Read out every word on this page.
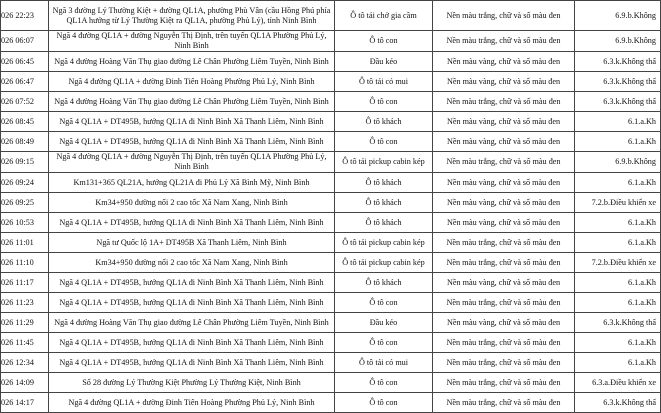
026 22:23	Ngã 3 đường Lý Thường Kiệt + đường QL1A, phường Phù Vân (cầu Hồng Phú phía QL1A hướng từ Lý Thường Kiệt ra QL1A, phường Phủ Lý), tỉnh Ninh Bình	Ô tô tải chở gia cầm	Nền màu trắng, chữ và số màu đen	6.9.b.Không
026 06:07	Ngã 4 đường QL1A + đường Nguyễn Thị Định, trên tuyến QL1A Phường Phủ Lý, Ninh Bình	Ô tô con	Nền màu trắng, chữ và số màu đen	6.9.b.Không
026 06:45	Ngã 4 đường Hoàng Văn Thụ giao đường Lê Chân Phường Liêm Tuyền, Ninh Bình	Đầu kéo	Nền màu vàng, chữ và số màu đen	6.3.k.Không thấ
026 06:47	Ngã 4 đường QL1A + đường Đinh Tiên Hoàng Phường Phủ Lý, Ninh Bình	Ô tô tải có mui	Nền màu vàng, chữ và số màu đen	6.3.k.Không thấ
026 07:52	Ngã 4 đường Hoàng Văn Thụ giao đường Lê Chân Phường Liêm Tuyền, Ninh Bình	Ô tô con	Nền màu trắng, chữ và số màu đen	6.3.k.Không thấ
026 08:45	Ngã 4 QL1A + DT495B, hướng QL1A đi Ninh Bình Xã Thanh Liêm, Ninh Bình	Ô tô khách	Nền màu vàng, chữ và số màu đen	6.1.a.Kh
026 08:49	Ngã 4 QL1A + DT495B, hướng QL1A đi Ninh Bình Xã Thanh Liêm, Ninh Bình	Ô tô con	Nền màu vàng, chữ và số màu đen	6.1.a.Kh
026 09:15	Ngã 4 đường QL1A + đường Nguyễn Thị Định, trên tuyến QL1A Phường Phủ Lý, Ninh Bình	Ô tô tải pickup cabin kép	Nền màu trắng, chữ và số màu đen	6.9.b.Không
026 09:24	Km131+365 QL21A, hướng QL21A đi Phủ Lý Xã Bình Mỹ, Ninh Bình	Ô tô khách	Nền màu vàng, chữ và số màu đen	6.1.a.Kh
026 09:25	Km34+950 đường nối 2 cao tốc Xã Nam Xang, Ninh Bình	Ô tô khách	Nền màu vàng, chữ và số màu đen	7.2.b.Điều khiển xe
026 10:53	Ngã 4 QL1A + DT495B, hướng QL1A đi Ninh Bình Xã Thanh Liêm, Ninh Bình	Ô tô khách	Nền màu vàng, chữ và số màu đen	6.1.a.Kh
026 11:01	Ngã tư Quốc lộ 1A+ DT495B Xã Thanh Liêm, Ninh Bình	Ô tô tải pickup cabin kép	Nền màu trắng, chữ và số màu đen	6.1.a.Kh
026 11:10	Km34+950 đường nối 2 cao tốc Xã Nam Xang, Ninh Bình	Ô tô tải pickup cabin kép	Nền màu trắng, chữ và số màu đen	7.2.b.Điều khiển xe
026 11:17	Ngã 4 QL1A + DT495B, hướng QL1A đi Ninh Bình Xã Thanh Liêm, Ninh Bình	Ô tô khách	Nền màu vàng, chữ và số màu đen	6.1.a.Kh
026 11:23	Ngã 4 QL1A + DT495B, hướng QL1A đi Ninh Bình Xã Thanh Liêm, Ninh Bình	Ô tô con	Nền màu trắng, chữ và số màu đen	6.1.a.Kh
026 11:29	Ngã 4 đường Hoàng Văn Thụ giao đường Lê Chân Phường Liêm Tuyền, Ninh Bình	Đầu kéo	Nền màu vàng, chữ và số màu đen	6.3.k.Không thấ
026 11:45	Ngã 4 QL1A + DT495B, hướng QL1A đi Ninh Bình Xã Thanh Liêm, Ninh Bình	Ô tô con	Nền màu trắng, chữ và số màu đen	6.1.a.Kh
026 12:34	Ngã 4 QL1A + DT495B, hướng QL1A đi Ninh Bình Xã Thanh Liêm, Ninh Bình	Ô tô tải có mui	Nền màu trắng, chữ và số màu đen	6.1.a.Kh
026 14:09	Số 28 đường Lý Thường Kiệt Phường Lý Thường Kiệt, Ninh Bình	Ô tô con	Nền màu trắng, chữ và số màu đen	6.3.a.Điều khiển xe
026 14:17	Ngã 4 đường QL1A + đường Đinh Tiên Hoàng Phường Phủ Lý, Ninh Bình	Ô tô con	Nền màu trắng, chữ và số màu đen	6.3.k.Không thấ
